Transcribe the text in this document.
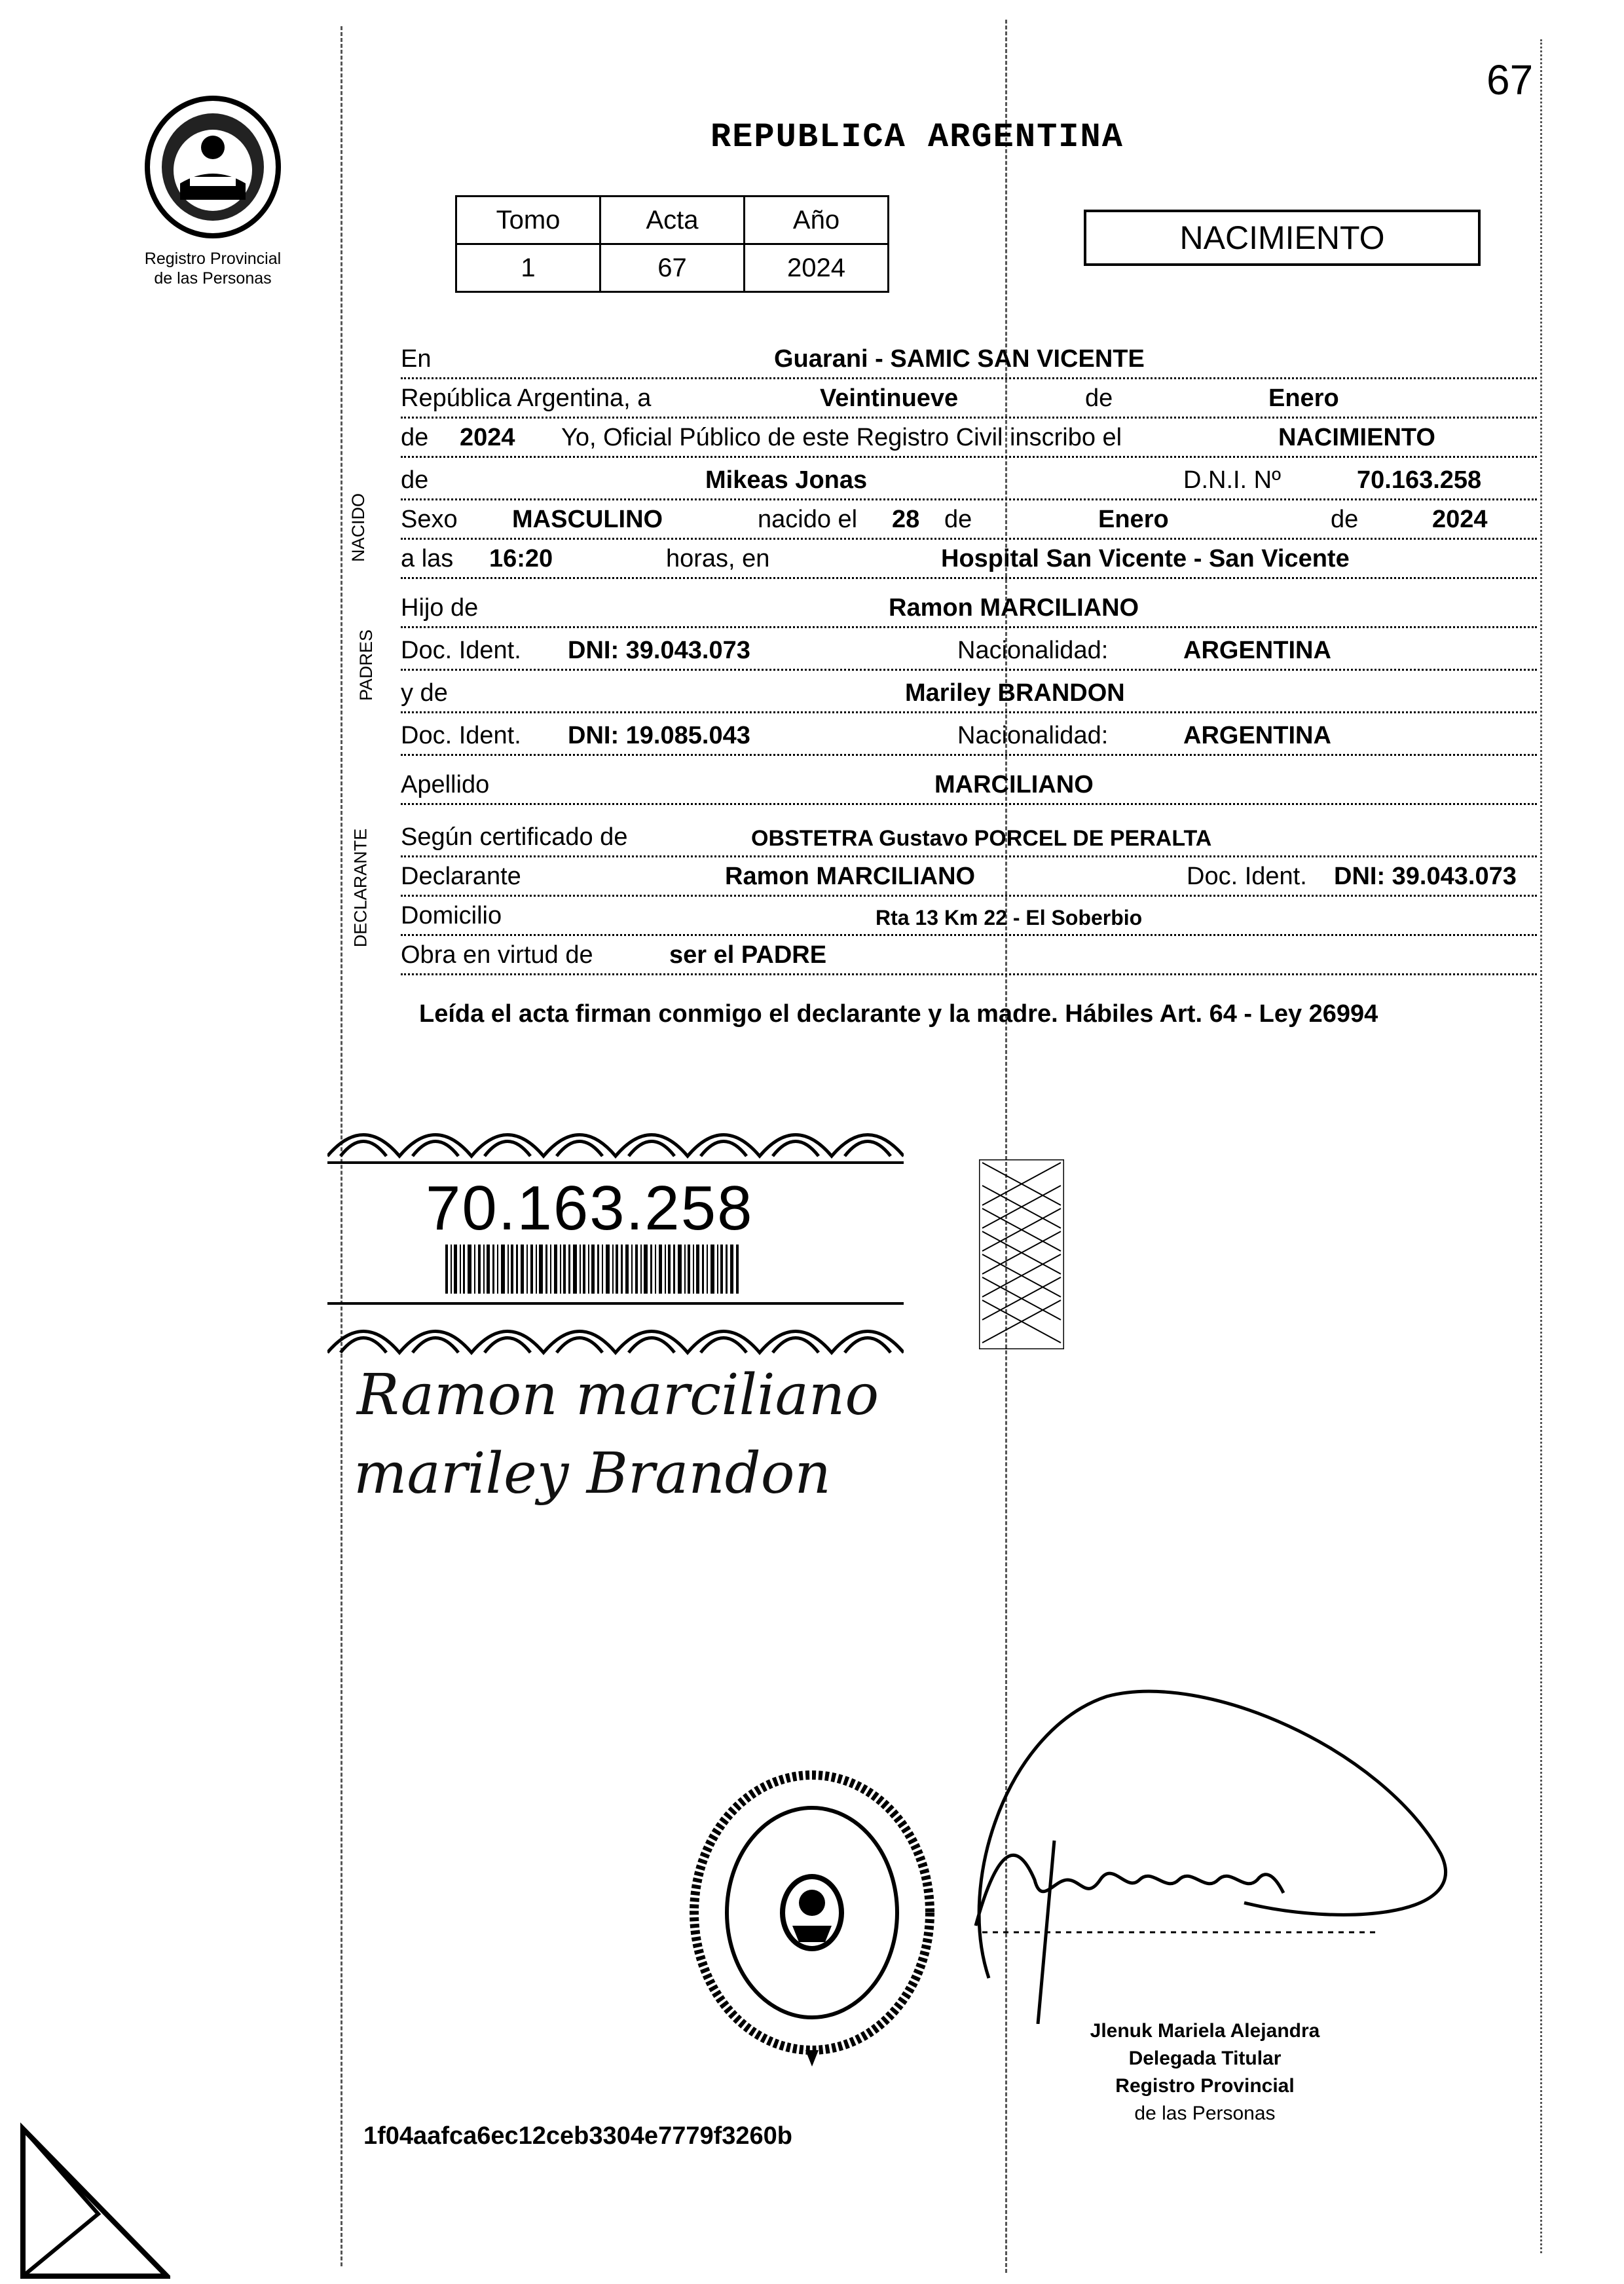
67
Registro Provincial
de las Personas
REPUBLICA ARGENTINA
Tomo	Acta	Año
1	67	2024
NACIMIENTO
En	Guarani - SAMIC SAN VICENTE
República Argentina, a	Veintinueve	de	Enero
de 2024 Yo, Oficial Público de este Registro Civil inscribo el	NACIMIENTO
NACIDO
de	Mikeas Jonas	D.N.I. Nº	70.163.258
Sexo MASCULINO	nacido el 28 de	Enero	de	2024
a las 16:20	horas, en	Hospital San Vicente - San Vicente
PADRES
Hijo de	Ramon MARCILIANO
Doc. Ident. DNI: 39.043.073	Nacionalidad:	ARGENTINA
y de	Mariley BRANDON
Doc. Ident. DNI: 19.085.043	Nacionalidad:	ARGENTINA
Apellido	MARCILIANO
DECLARANTE Según certificado de	OBSTETRA Gustavo PORCEL DE PERALTA
Declarante	Ramon MARCILIANO	Doc. Ident. DNI: 39.043.073
Domicilio	Rta 13 Km 22 - El Soberbio
Obra en virtud de	ser el PADRE
Leída el acta firman conmigo el declarante y la madre. Hábiles Art. 64 - Ley 26994
70.163.258
Ramon marciliano
mariley Brandon
Jlenuk Mariela Alejandra
Delegada Titular
Registro Provincial
de las Personas
1f04aafca6ec12ceb3304e7779f3260b
